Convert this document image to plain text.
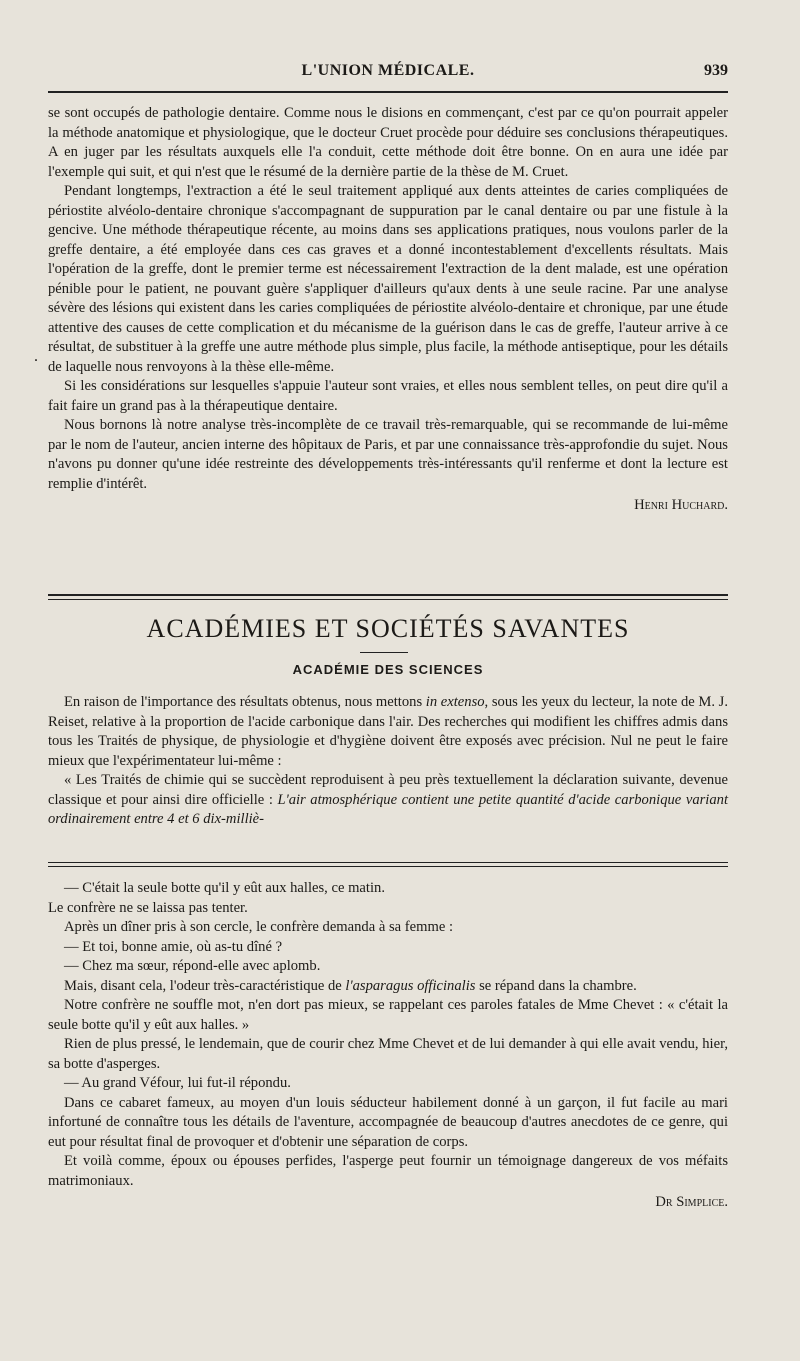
L'UNION MÉDICALE.	939
.

se sont occupés de pathologie dentaire. Comme nous le disions en commençant, c'est par ce qu'on pourrait appeler la méthode anatomique et physiologique, que le docteur Cruet procède pour déduire ses conclusions thérapeutiques. A en juger par les résultats auxquels elle l'a conduit, cette méthode doit être bonne. On en aura une idée par l'exemple qui suit, et qui n'est que le résumé de la dernière partie de la thèse de M. Cruet.

Pendant longtemps, l'extraction a été le seul traitement appliqué aux dents atteintes de caries compliquées de périostite alvéolo-dentaire chronique s'accompagnant de suppuration par le canal dentaire ou par une fistule à la gencive. Une méthode thérapeutique récente, au moins dans ses applications pratiques, nous voulons parler de la greffe dentaire, a été employée dans ces cas graves et a donné incontestablement d'excellents résultats. Mais l'opération de la greffe, dont le premier terme est nécessairement l'extraction de la dent malade, est une opération pénible pour le patient, ne pouvant guère s'appliquer d'ailleurs qu'aux dents à une seule racine. Par une analyse sévère des lésions qui existent dans les caries compliquées de périostite alvéolo-dentaire et chronique, par une étude attentive des causes de cette complication et du mécanisme de la guérison dans le cas de greffe, l'auteur arrive à ce résultat, de substituer à la greffe une autre méthode plus simple, plus facile, la méthode antiseptique, pour les détails de laquelle nous renvoyons à la thèse elle-même.

Si les considérations sur lesquelles s'appuie l'auteur sont vraies, et elles nous semblent telles, on peut dire qu'il a fait faire un grand pas à la thérapeutique dentaire.

Nous bornons là notre analyse très-incomplète de ce travail très-remarquable, qui se recommande de lui-même par le nom de l'auteur, ancien interne des hôpitaux de Paris, et par une connaissance très-approfondie du sujet. Nous n'avons pu donner qu'une idée restreinte des développements très-intéressants qu'il renferme et dont la lecture est remplie d'intérêt.

Henri Huchard.
ACADÉMIES ET SOCIÉTÉS SAVANTES
ACADÉMIE DES SCIENCES

En raison de l'importance des résultats obtenus, nous mettons in extenso, sous les yeux du lecteur, la note de M. J. Reiset, relative à la proportion de l'acide carbonique dans l'air. Des recherches qui modifient les chiffres admis dans tous les Traités de physique, de physiologie et d'hygiène doivent être exposés avec précision. Nul ne peut le faire mieux que l'expérimentateur lui-même :

« Les Traités de chimie qui se succèdent reproduisent à peu près textuellement la déclaration suivante, devenue classique et pour ainsi dire officielle : L'air atmosphérique contient une petite quantité d'acide carbonique variant ordinairement entre 4 et 6 dix-milliè-

— C'était la seule botte qu'il y eût aux halles, ce matin.

Le confrère ne se laissa pas tenter.

Après un dîner pris à son cercle, le confrère demanda à sa femme :

— Et toi, bonne amie, où as-tu dîné ?

— Chez ma sœur, répond-elle avec aplomb.

Mais, disant cela, l'odeur très-caractéristique de l'asparagus officinalis se répand dans la chambre.

Notre confrère ne souffle mot, n'en dort pas mieux, se rappelant ces paroles fatales de Mme Chevet : « c'était la seule botte qu'il y eût aux halles. »

Rien de plus pressé, le lendemain, que de courir chez Mme Chevet et de lui demander à qui elle avait vendu, hier, sa botte d'asperges.

— Au grand Véfour, lui fut-il répondu.

Dans ce cabaret fameux, au moyen d'un louis séducteur habilement donné à un garçon, il fut facile au mari infortuné de connaître tous les détails de l'aventure, accompagnée de beaucoup d'autres anecdotes de ce genre, qui eut pour résultat final de provoquer et d'obtenir une séparation de corps.

Et voilà comme, époux ou épouses perfides, l'asperge peut fournir un témoignage dangereux de vos méfaits matrimoniaux.

Dr Simplice.
